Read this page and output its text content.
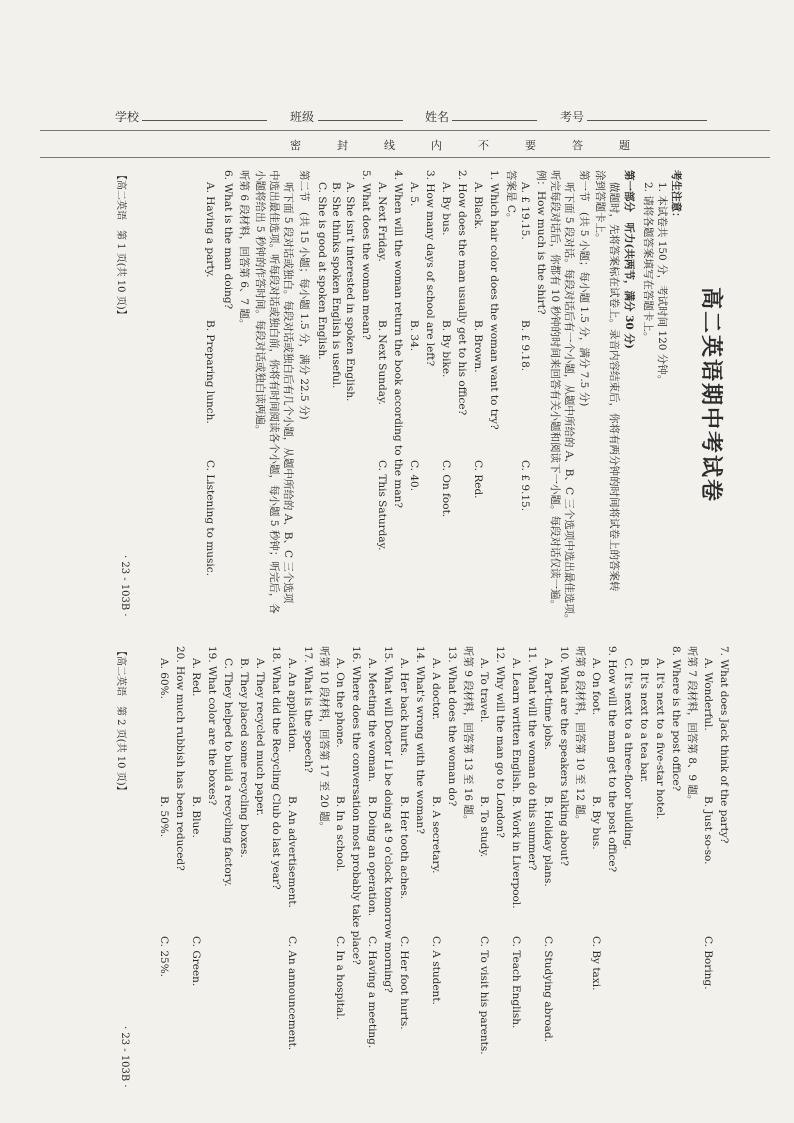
学校	班级	姓名	考号
密封线内不要答题
高二英语期中考试卷
考生注意：
1. 本试卷共 150 分，考试时间 120 分钟。
2. 请将各题答案填写在答题卡上。
第一部分　听力(共两节，满分 30 分)
做题时，先将答案标在试卷上。录音内容结束后，你将有两分钟的时间将试卷上的答案转
涂到答题卡上。
第一节　(共 5 小题；每小题 1.5 分，满分 7.5 分)
听下面 5 段对话。每段对话后有一个小题，从题中所给的 A、B、C 三个选项中选出最佳选项。
听完每段对话后，你都有 10 秒钟的时间来回答有关小题和阅读下一小题。每段对话仅读一遍。
例：How much is the shirt?
A. £ 19.15.
B. £ 9.18.
C. £ 9.15.
答案是 C。
1. Which hair color does the woman want to try?
A. Black.
B. Brown.
C. Red.
2. How does the man usually get to his office?
A. By bus.
B. By bike.
C. On foot.
3. How many days of school are left?
A. 5.
B. 34.
C. 40.
4. When will the woman return the book according to the man?
A. Next Friday.
B. Next Sunday.
C. This Saturday.
5. What does the woman mean?
A. She isn't interested in spoken English.
B. She thinks spoken English is useful.
C. She is good at spoken English.
第二节　(共 15 小题；每小题 1.5 分，满分 22.5 分)
听下面 5 段对话或独白。每段对话或独白后有几个小题，从题中所给的 A、B、C 三个选项
中选出最佳选项。听每段对话或独白前，你将有时间阅读各个小题，每小题 5 秒钟；听完后，各
小题将给出 5 秒钟的作答时间。每段对话或独白读两遍。
听第 6 段材料，回答第 6、7 题。
6. What is the man doing?
A. Having a party.
B. Preparing lunch.
C. Listening to music.
【高二英语　第 1 页(共 10 页)】
· 23 - 103B ·
7. What does Jack think of the party?
A. Wonderful.
B. Just so-so.
C. Boring.
听第 7 段材料，回答第 8、9 题。
8. Where is the post office?
A. It's next to a five-star hotel.
B. It's next to a tea bar.
C. It's next to a three-floor building.
9. How will the man get to the post office?
A. On foot.
B. By bus.
C. By taxi.
听第 8 段材料，回答第 10 至 12 题。
10. What are the speakers talking about?
A. Part-time jobs.
B. Holiday plans.
C. Studying abroad.
11. What will the woman do this summer?
A. Learn written English.
B. Work in Liverpool.
C. Teach English.
12. Why will the man go to London?
A. To travel.
B. To study.
C. To visit his parents.
听第 9 段材料，回答第 13 至 16 题。
13. What does the woman do?
A. A doctor.
B. A secretary.
C. A student.
14. What's wrong with the woman?
A. Her back hurts.
B. Her tooth aches.
C. Her foot hurts.
15. What will Doctor Li be doing at 9 o'clock tomorrow morning?
A. Meeting the woman.
B. Doing an operation.
C. Having a meeting.
16. Where does the conversation most probably take place?
A. On the phone.
B. In a school.
C. In a hospital.
听第 10 段材料，回答第 17 至 20 题。
17. What is the speech?
A. An application.
B. An advertisement.
C. An announcement.
18. What did the Recycling Club do last year?
A. They recycled much paper.
B. They placed some recycling boxes.
C. They helped to build a recycling factory.
19. What color are the boxes?
A. Red.
B. Blue.
C. Green.
20. How much rubbish has been reduced?
A. 60%.
B. 50%.
C. 25%.
【高二英语　第 2 页(共 10 页)】
· 23 - 103B ·
